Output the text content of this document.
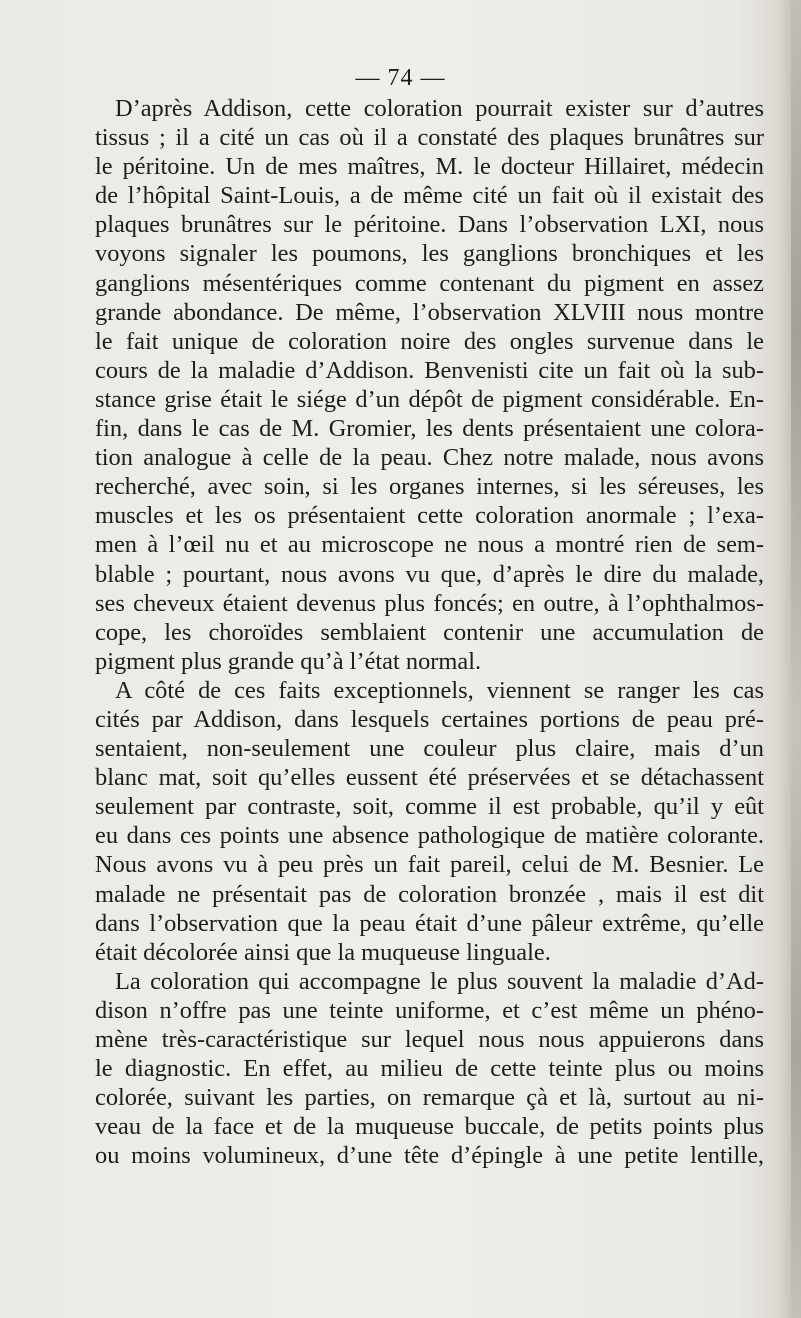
— 74 —
D’après Addison, cette coloration pourrait exister sur d’autres
tissus ; il a cité un cas où il a constaté des plaques brunâtres sur
le péritoine. Un de mes maîtres, M. le docteur Hillairet, médecin
de l’hôpital Saint-Louis, a de même cité un fait où il existait des
plaques brunâtres sur le péritoine. Dans l’observation LXI, nous
voyons signaler les poumons, les ganglions bronchiques et les
ganglions mésentériques comme contenant du pigment en assez
grande abondance. De même, l’observation XLVIII nous montre
le fait unique de coloration noire des ongles survenue dans le
cours de la maladie d’Addison. Benvenisti cite un fait où la sub-
stance grise était le siége d’un dépôt de pigment considérable. En-
fin, dans le cas de M. Gromier, les dents présentaient une colora-
tion analogue à celle de la peau. Chez notre malade, nous avons
recherché, avec soin, si les organes internes, si les séreuses, les
muscles et les os présentaient cette coloration anormale ; l’exa-
men à l’œil nu et au microscope ne nous a montré rien de sem-
blable ; pourtant, nous avons vu que, d’après le dire du malade,
ses cheveux étaient devenus plus foncés; en outre, à l’ophthalmos-
cope, les choroïdes semblaient contenir une accumulation de
pigment plus grande qu’à l’état normal.
A côté de ces faits exceptionnels, viennent se ranger les cas
cités par Addison, dans lesquels certaines portions de peau pré-
sentaient, non-seulement une couleur plus claire, mais d’un
blanc mat, soit qu’elles eussent été préservées et se détachassent
seulement par contraste, soit, comme il est probable, qu’il y eût
eu dans ces points une absence pathologique de matière colorante.
Nous avons vu à peu près un fait pareil, celui de M. Besnier. Le
malade ne présentait pas de coloration bronzée , mais il est dit
dans l’observation que la peau était d’une pâleur extrême, qu’elle
était décolorée ainsi que la muqueuse linguale.
La coloration qui accompagne le plus souvent la maladie d’Ad-
dison n’offre pas une teinte uniforme, et c’est même un phéno-
mène très-caractéristique sur lequel nous nous appuierons dans
le diagnostic. En effet, au milieu de cette teinte plus ou moins
colorée, suivant les parties, on remarque çà et là, surtout au ni-
veau de la face et de la muqueuse buccale, de petits points plus
ou moins volumineux, d’une tête d’épingle à une petite lentille,
